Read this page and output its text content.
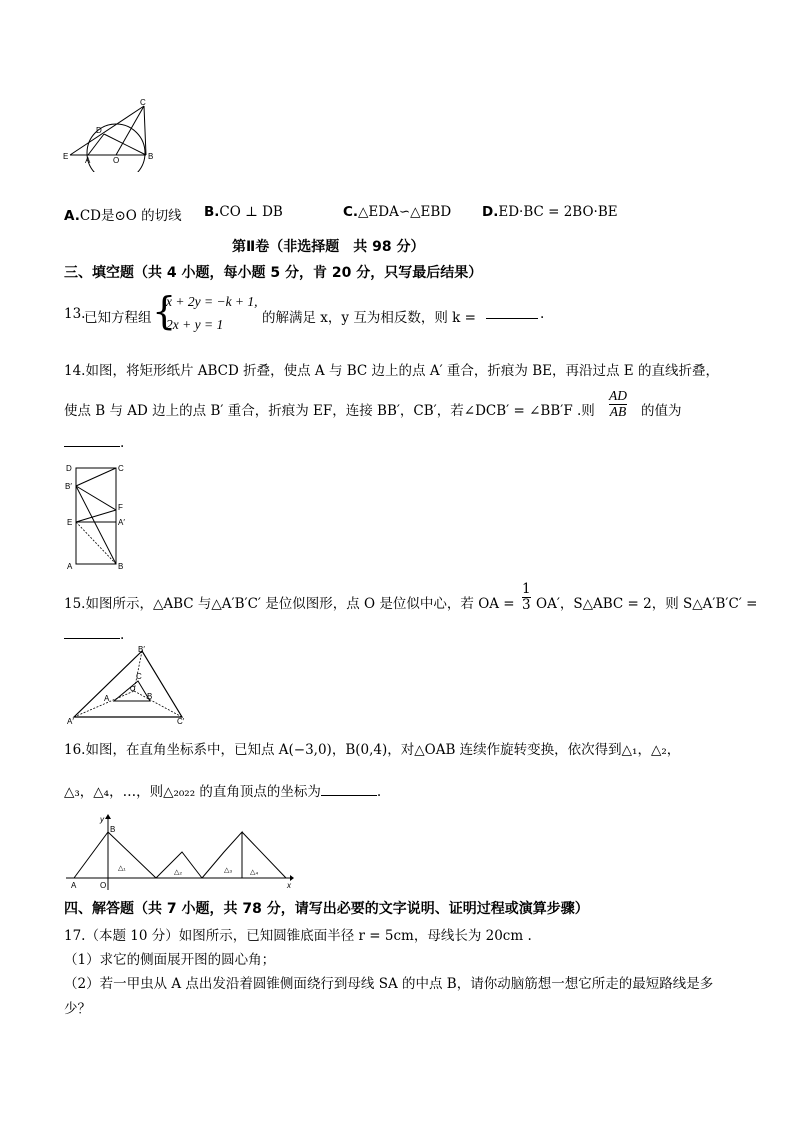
C
D
E A	O	B
A.CD是⊙O 的切线 B.CO ⊥ DB	C.△EDA∽△EBD D.ED·BC = 2BO·BE
第Ⅱ卷（非选择题　共 98 分）
三、填空题（共 4 小题，每小题 5 分，肯 20 分，只写最后结果）
13.
已知方程组 {
x + 2y = −k + 1,
2x + y = 1	的解满足 x，y 互为相反数，则 k =	.
14.如图，将矩形纸片 ABCD 折叠，使点 A 与 BC 边上的点 A′ 重合，折痕为 BE，再沿过点 E 的直线折叠，
使点 B 与 AD 边上的点 B′ 重合，折痕为 EF，连接 BB′，CB′，若∠DCB′ = ∠BB′F .则 $\frac{AD}{AB}$ 的值为
.
D	C
B′
F
E	A′
A	B
15.如图所示，△ABC 与△A′B′C′ 是位似图形，点 O 是位似中心，若 OA = $\frac{1}{3} OA'$，S△ABC = 2，则 S△A′B′C′ =
.
B′
C
O
A	B
A′	C′
16.如图，在直角坐标系中，已知点 A(−3,0)，B(0,4)，对△OAB 连续作旋转变换，依次得到△₁，△₂，
△₃，△₄，…，则△₂₀₂₂ 的直角顶点的坐标为	.
y
B
A	O	x
△₁
△₂	△₃	△₄
四、解答题（共 7 小题，共 78 分，请写出必要的文字说明、证明过程或演算步骤）
17.（本题 10 分）如图所示，已知圆锥底面半径 r = 5cm，母线长为 20cm .
（1）求它的侧面展开图的圆心角；
（2）若一甲虫从 A 点出发沿着圆锥侧面绕行到母线 SA 的中点 B，请你动脑筋想一想它所走的最短路线是多
少？
